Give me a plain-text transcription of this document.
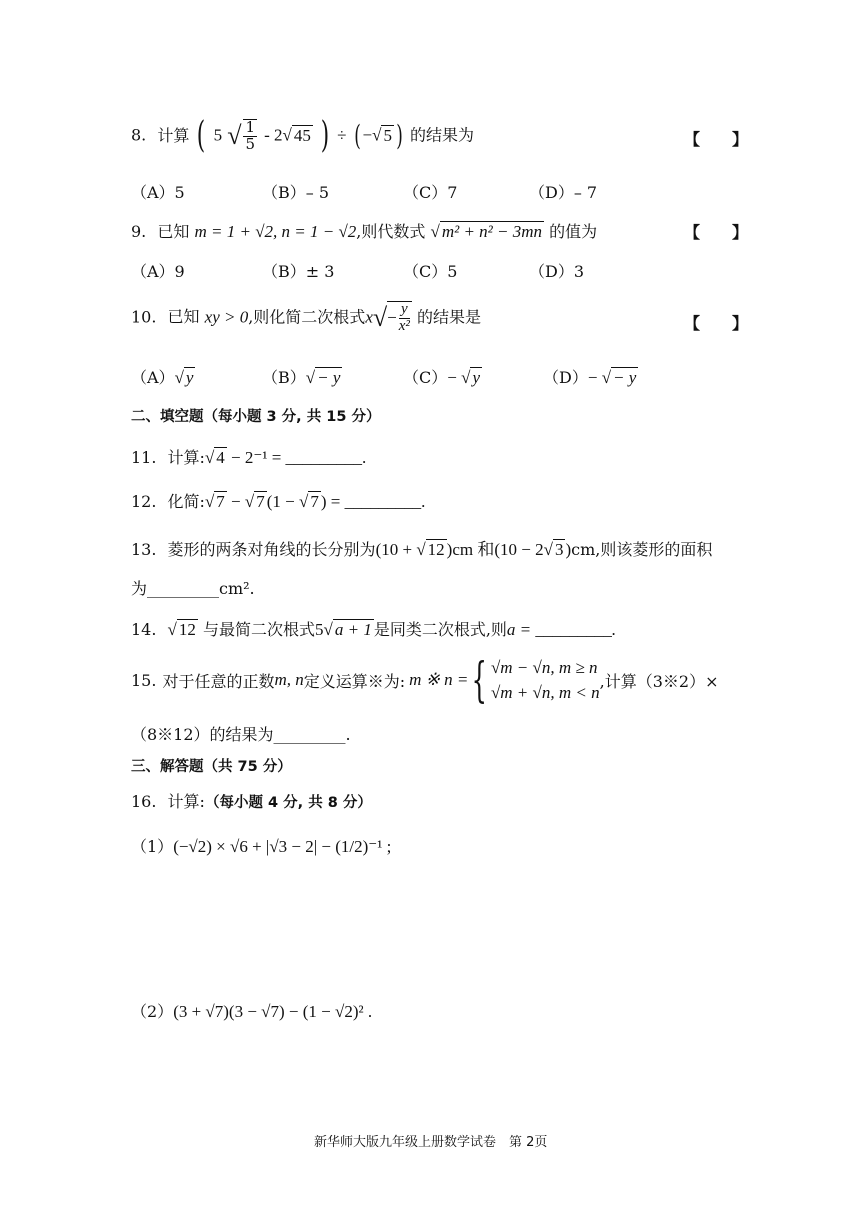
8. 计算 ( 5 √ $\frac{1}{5} - 2√$ 45 ) ÷ ( −√ 5 ) 的结果为	【　　】
（A）5	（B）– 5	（C）7	（D）– 7
9. 已知 m = 1 + √2, n = 1 − √2,则代数式 √ m² + n² − 3mn 的值为	【　　】
（A）9	（B）± 3	（C）5	（D）3
10. 已知 xy > 0,则化简二次根式$x√- \frac{y}{\text{x²}}$ 的结果是	【　　】
（A）√ y	（B）√ − y	（C）− √ y	（D）− √ − y
二、填空题（每小题 3 分, 共 15 分）
11. 计算:√ 4 − 2⁻¹ = _________.
12. 化简:√ 7 − √ 7 (1 − √ 7 ) = _________.
13. 菱形的两条对角线的长分别为(10 + √ 12 )cm 和(10 − 2√ 3 )cm,则该菱形的面积
为_________cm².
14. √ 12 与最简二次根式5√ a + 1 是同类二次根式,则a = _________.
15. 对于任意的正数 m, n 定义运算※为: m ※ n = { √m − √n, m ≥ n
√m + √n, m < n
,计算（3※2）×
（8※12）的结果为_________.
三、解答题（共 75 分）
16. 计算:（每小题 4 分, 共 8 分）
（1）(−√2) × √6 + |√3 − 2| − (1/2)⁻¹ ;
（2）(3 + √7)(3 − √7) − (1 − √2)² .
新华师大版九年级上册数学试卷　第 2页
